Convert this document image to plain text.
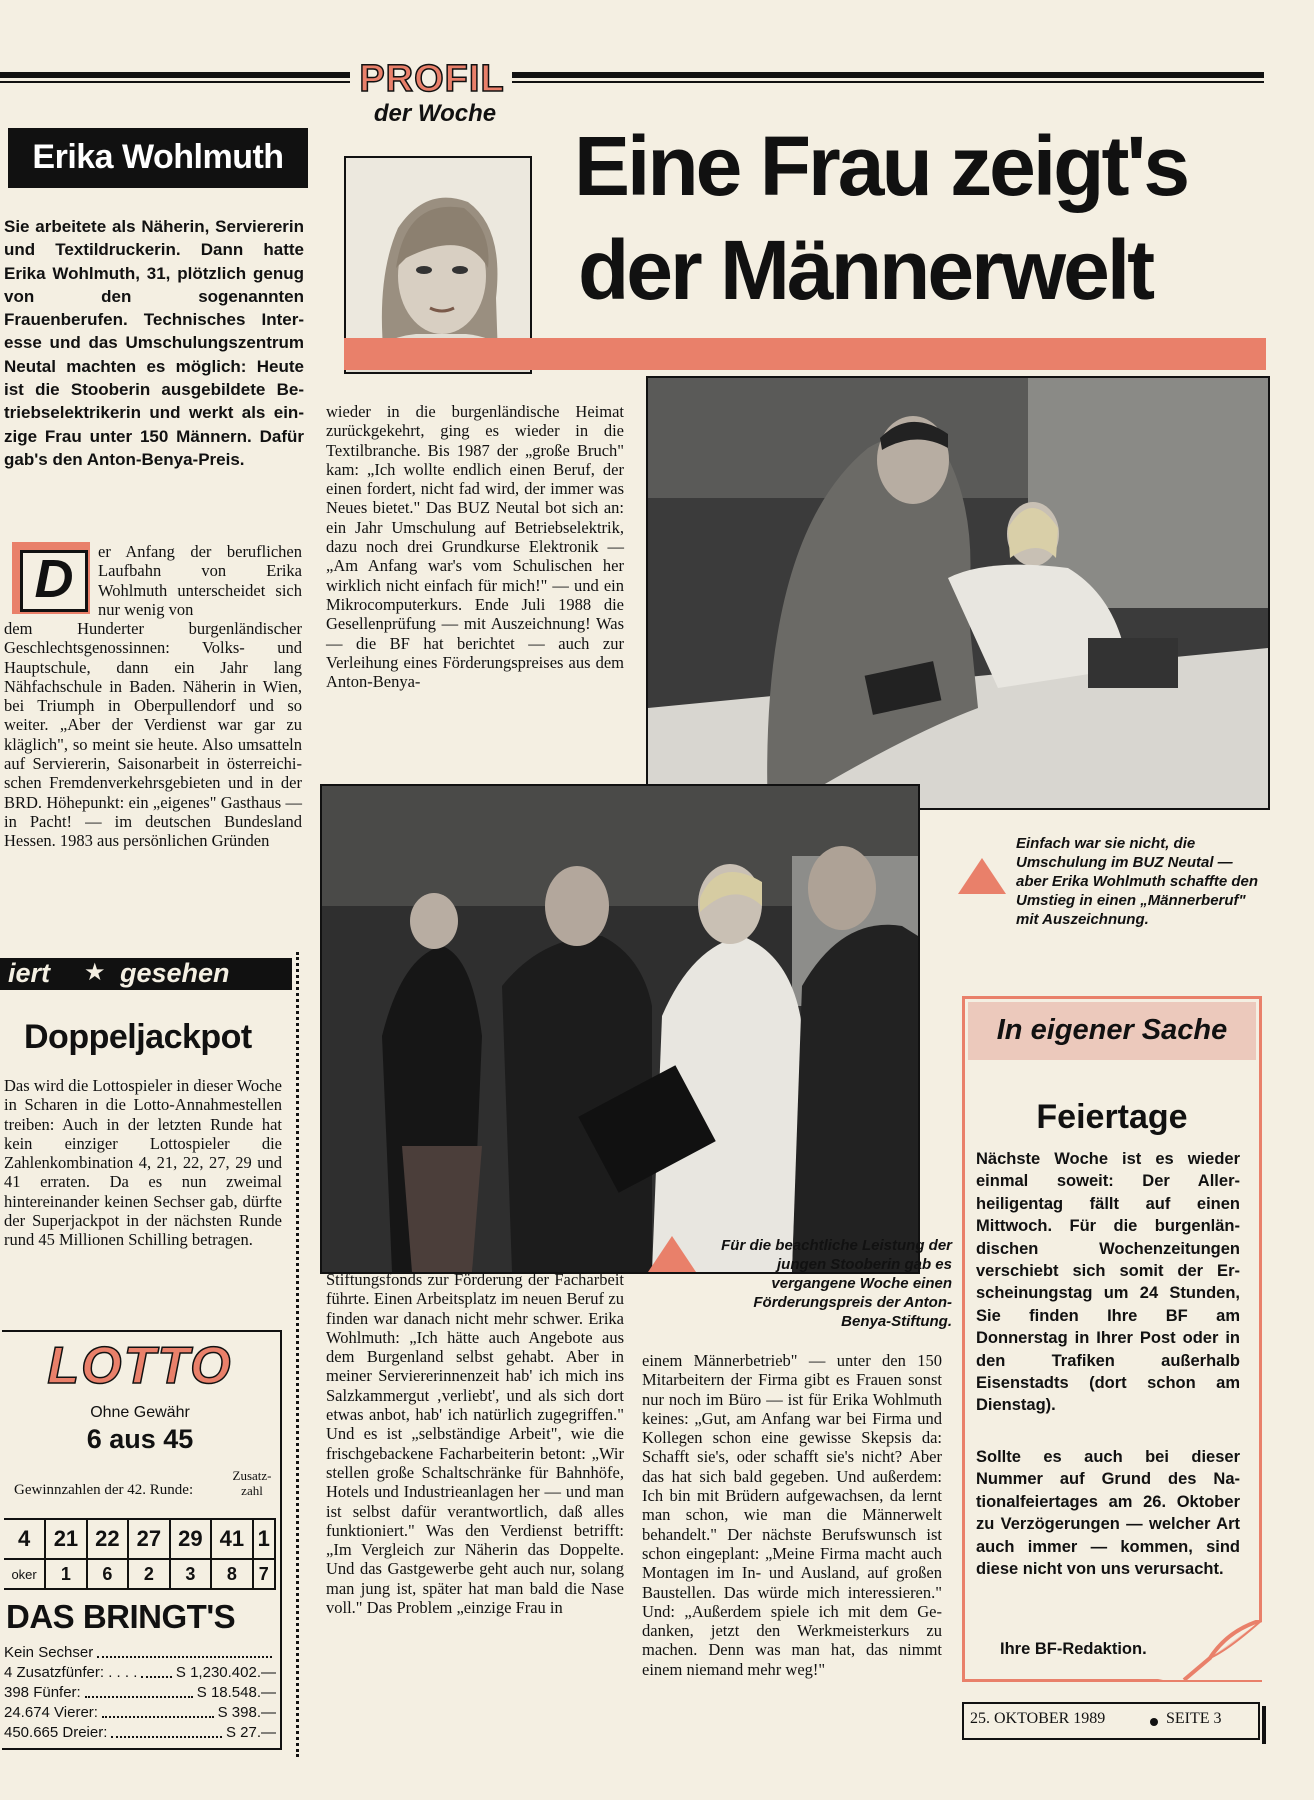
PROFIL
der Woche
Erika Wohlmuth	Eine Frau zeigt's
der Männerwelt
Sie arbeitete als Näherin, Serviererin und Textildruckerin. Dann hatte Erika Wohlmuth, 31, plötzlich genug von den sogenannten Frauenberufen. Technisches Interesse und das Umschulungszentrum Neutal machten es möglich: Heute ist die Stooberin ausgebildete Betriebselektrikerin und werkt als einzige Frau unter 150 Männern. Dafür gab's den Anton-Benya-Preis.
D	er Anfang der beruflichen Laufbahn von Erika Wohlmuth unterscheidet sich nur wenig von
dem Hunderter burgenländischer Geschlechtsgenossinnen: Volks- und Hauptschule, dann ein Jahr lang Nähfachschule in Baden. Näherin in Wien, bei Triumph in Oberpullendorf und so weiter. „Aber der Verdienst war gar zu kläglich", so meint sie heute. Also umsatteln auf Serviererin, Saisonarbeit in österreichischen Fremdenverkehrsgebieten und in der BRD. Höhepunkt: ein „eigenes" Gasthaus — in Pacht! — im deutschen Bundesland Hessen. 1983 aus persönlichen Gründen
wieder in die burgenländische Heimat zurückgekehrt, ging es wieder in die Textilbranche. Bis 1987 der „große Bruch" kam: „Ich wollte endlich einen Beruf, der einen fordert, nicht fad wird, der immer was Neues bietet." Das BUZ Neutal bot sich an: ein Jahr Umschulung auf Betriebselektrik, dazu noch drei Grundkurse Elektronik — „Am Anfang war's vom Schulischen her wirklich nicht einfach für mich!" — und ein Mikrocomputerkurs. Ende Juli 1988 die Gesellenprüfung — mit Auszeichnung! Was — die BF hat berichtet — auch zur Verleihung eines Förderungspreises aus dem Anton-Benya-
Einfach war sie nicht, die Umschulung im BUZ Neutal — aber Erika Wohlmuth schaffte den Umstieg in einen „Männerberuf" mit Auszeichnung.
Für die beachtliche Leistung der jungen Stooberin gab es vergangene Woche einen Förderungspreis der Anton-Benya-Stiftung.
Stiftungsfonds zur Förderung der Facharbeit führte. Einen Arbeitsplatz im neuen Beruf zu finden war danach nicht mehr schwer. Erika Wohlmuth: „Ich hätte auch Angebote aus dem Burgenland selbst gehabt. Aber in meiner Serviererinnenzeit hab' ich mich ins Salzkammergut ‚verliebt', und als sich dort etwas anbot, hab' ich natürlich zugegriffen." Und es ist „selbständige Arbeit", wie die frischgebackene Facharbeiterin betont: „Wir stellen große Schaltschränke für Bahnhöfe, Hotels und Industrieanlagen her — und man ist selbst dafür verantwortlich, daß alles funktioniert." Was den Verdienst betrifft: „Im Vergleich zur Näherin das Doppelte. Und das Gastgewerbe geht auch nur, solang man jung ist, später hat man bald die Nase voll." Das Problem „einzige Frau in
einem Männerbetrieb" — unter den 150 Mitarbeitern der Firma gibt es Frauen sonst nur noch im Büro — ist für Erika Wohlmuth keines: „Gut, am Anfang war bei Firma und Kollegen schon eine gewisse Skepsis da: Schafft sie's, oder schafft sie's nicht? Aber das hat sich bald gegeben. Und außerdem: Ich bin mit Brüdern aufgewachsen, da lernt man schon, wie man die Männerwelt behandelt." Der nächste Berufswunsch ist schon eingeplant: „Meine Firma macht auch Montagen im In- und Ausland, auf großen Baustellen. Das würde mich interessieren." Und: „Außerdem spiele ich mit dem Gedanken, jetzt den Werkmeisterkurs zu machen. Denn was man hat, das nimmt einem niemand mehr weg!"
iert ★ gesehen
Doppeljackpot
Das wird die Lottospieler in dieser Woche in Scharen in die Lotto-Annahmestellen treiben: Auch in der letzten Runde hat kein einziger Lottospieler die Zahlenkombination 4, 21, 22, 27, 29 und 41 erraten. Da es nun zweimal hintereinander keinen Sechser gab, dürfte der Superjackpot in der nächsten Runde rund 45 Millionen Schilling betragen.
LOTTO
Ohne Gewähr
6 aus 45
Gewinnzahlen der 42. Runde:
Zusatz-zahl
4	21	22	27	29	41	1
oker	1	6	2	3	8	7
DAS BRINGT'S
Kein Sechser
4 Zusatzfünfer: . . . .	S 1,230.402.—
398 Fünfer:	S 18.548.—
24.674 Vierer:	S 398.—
450.665 Dreier:	S 27.—
In eigener Sache
Feiertage
Nächste Woche ist es wieder einmal soweit: Der Allerheiligentag fällt auf einen Mittwoch. Für die burgenländischen Wochenzeitungen verschiebt sich somit der Erscheinungstag um 24 Stunden, Sie finden Ihre BF am Donnerstag in Ihrer Post oder in den Trafiken außerhalb Eisenstadts (dort schon am Dienstag).
Sollte es auch bei dieser Nummer auf Grund des Nationalfeiertages am 26. Oktober zu Verzögerungen — welcher Art auch immer — kommen, sind diese nicht von uns verursacht.
Ihre BF-Redaktion.
25. OKTOBER 1989	SEITE 3
